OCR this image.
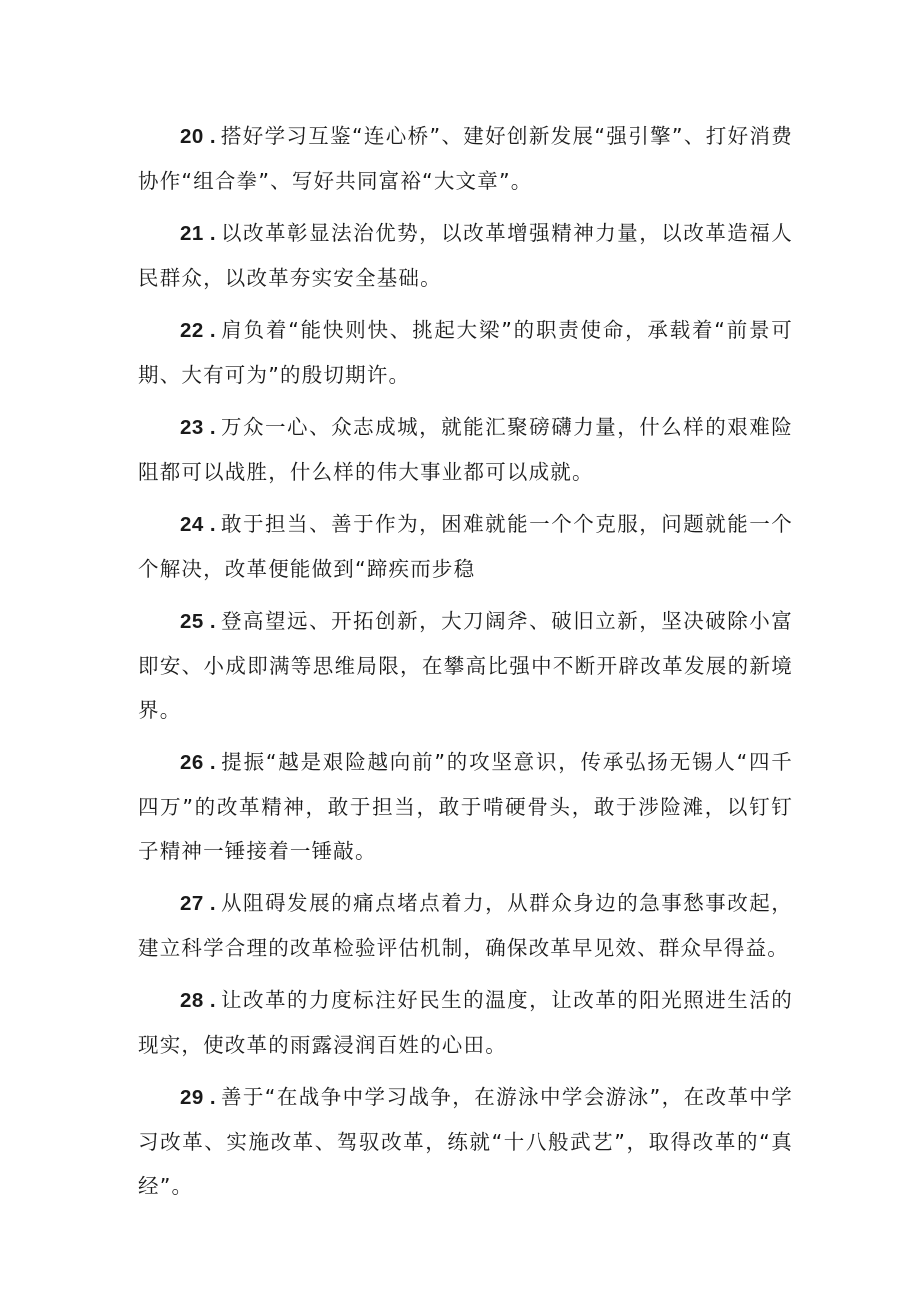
20 . 搭好学习互鉴“连心桥”、建好创新发展“强引擎”、打好消费协作“组合拳”、写好共同富裕“大文章”。

21 . 以改革彰显法治优势，以改革增强精神力量，以改革造福人民群众，以改革夯实安全基础。

22 . 肩负着“能快则快、挑起大梁”的职责使命，承载着“前景可期、大有可为”的殷切期许。

23 . 万众一心、众志成城，就能汇聚磅礴力量，什么样的艰难险阻都可以战胜，什么样的伟大事业都可以成就。

24 . 敢于担当、善于作为，困难就能一个个克服，问题就能一个个解决，改革便能做到“蹄疾而步稳

25 . 登高望远、开拓创新，大刀阔斧、破旧立新，坚决破除小富即安、小成即满等思维局限，在攀高比强中不断开辟改革发展的新境界。

26 . 提振“越是艰险越向前”的攻坚意识，传承弘扬无锡人“四千四万”的改革精神，敢于担当，敢于啃硬骨头，敢于涉险滩，以钉钉子精神一锤接着一锤敲。

27 . 从阻碍发展的痛点堵点着力，从群众身边的急事愁事改起，建立科学合理的改革检验评估机制，确保改革早见效、群众早得益。

28 . 让改革的力度标注好民生的温度，让改革的阳光照进生活的现实，使改革的雨露浸润百姓的心田。

29 . 善于“在战争中学习战争，在游泳中学会游泳”，在改革中学习改革、实施改革、驾驭改革，练就“十八般武艺”，取得改革的“真经”。
